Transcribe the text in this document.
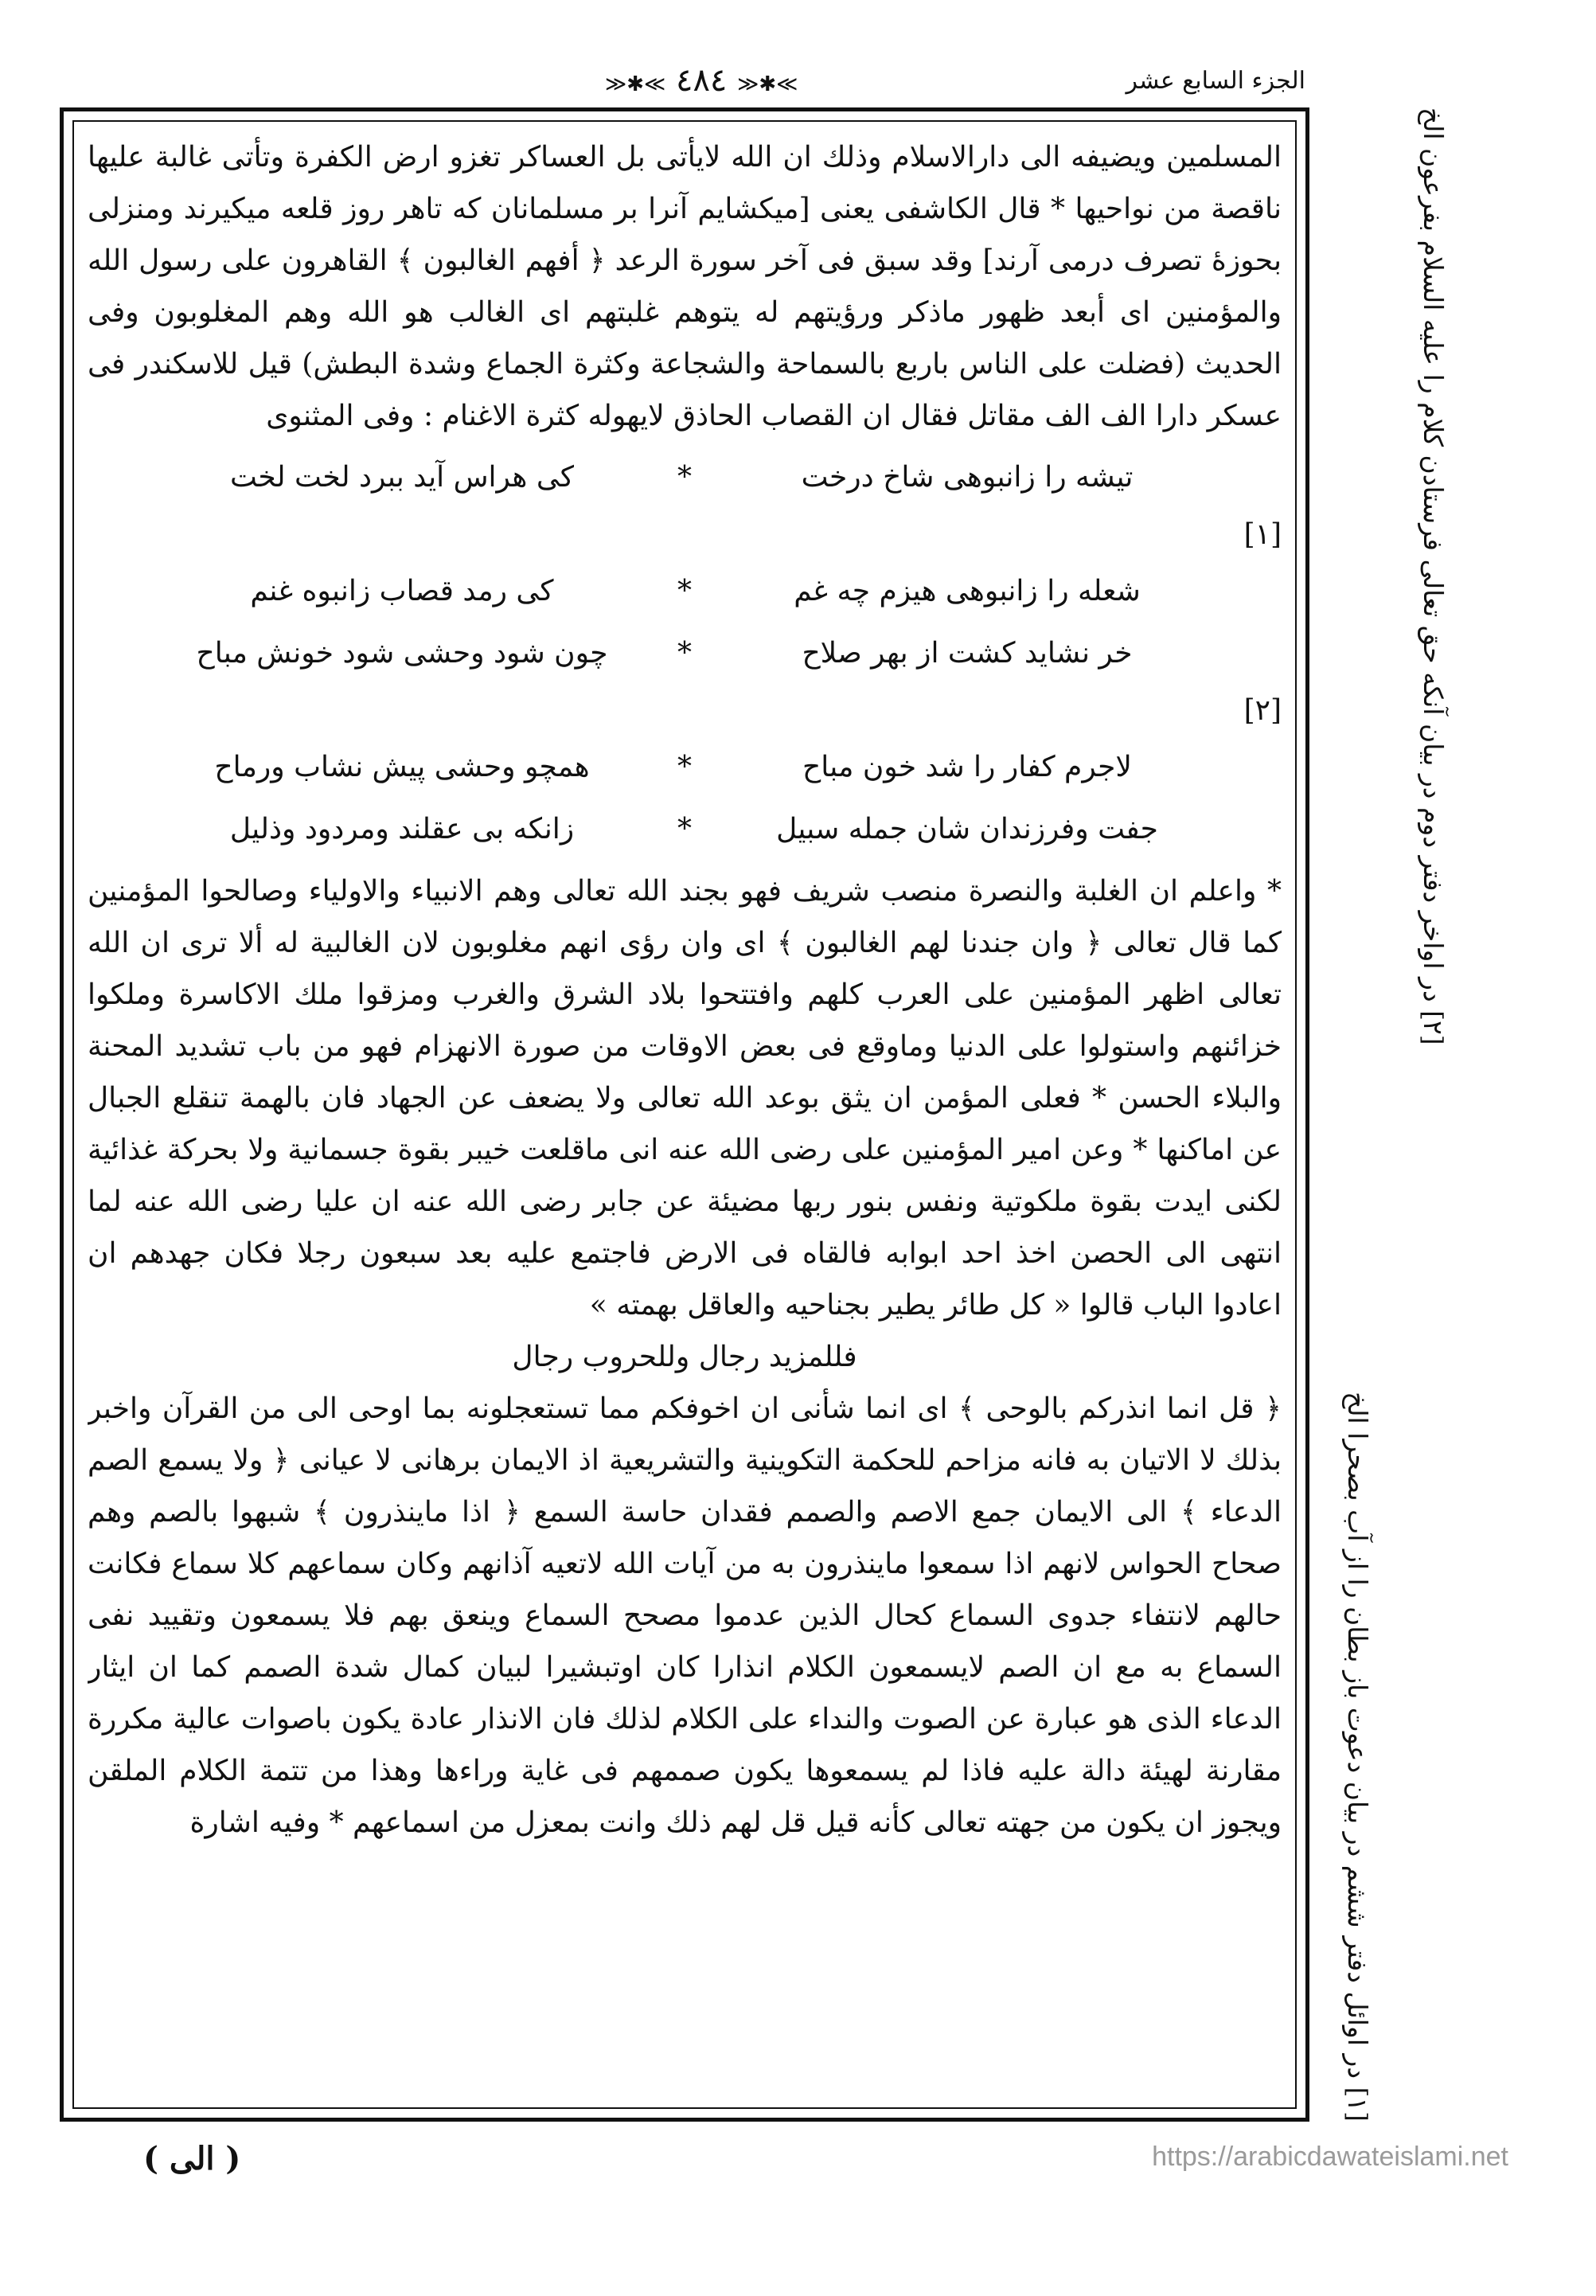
الجزء السابع عشر
≫✱≪ ٤٨٤ ≫✱≪

المسلمين ويضيفه الى دارالاسلام وذلك ان الله لايأتى بل العساكر تغزو ارض الكفرة وتأتى غالبة عليها ناقصة من نواحيها * قال الكاشفى يعنى [ميكشايم آنرا بر مسلمانان كه تاهر روز قلعه ميكيرند ومنزلى بحوزۀ تصرف درمى آرند] وقد سبق فى آخر سورة الرعد ﴿ أفهم الغالبون ﴾ القاهرون على رسول الله والمؤمنين اى أبعد ظهور ماذكر ورؤيتهم له يتوهم غلبتهم اى الغالب هو الله وهم المغلوبون وفى الحديث (فضلت على الناس باربع بالسماحة والشجاعة وكثرة الجماع وشدة البطش) قيل للاسكندر فى عسكر دارا الف الف مقاتل فقال ان القصاب الحاذق لايهوله كثرة الاغنام : وفى المثنوى

تيشه را زانبوهى شاخ درخت
*
كى هراس آيد ببرد لخت لخت
[١]
شعله را زانبوهى هيزم چه غم
*
كى رمد قصاب زانبوه غنم
خر نشايد كشت از بهر صلاح
*
چون شود وحشى شود خونش مباح
[٢]
لاجرم كفار را شد خون مباح
*
همچو وحشى پيش نشاب ورماح
جفت وفرزندان شان جمله سبيل
*
زانكه بى عقلند ومردود وذليل

* واعلم ان الغلبة والنصرة منصب شريف فهو بجند الله تعالى وهم الانبياء والاولياء وصالحوا المؤمنين كما قال تعالى ﴿ وان جندنا لهم الغالبون ﴾ اى وان رؤى انهم مغلوبون لان الغالبية له ألا ترى ان الله تعالى اظهر المؤمنين على العرب كلهم وافتتحوا بلاد الشرق والغرب ومزقوا ملك الاكاسرة وملكوا خزائنهم واستولوا على الدنيا وماوقع فى بعض الاوقات من صورة الانهزام فهو من باب تشديد المحنة والبلاء الحسن * فعلى المؤمن ان يثق بوعد الله تعالى ولا يضعف عن الجهاد فان بالهمة تنقلع الجبال عن اماكنها * وعن امير المؤمنين على رضى الله عنه انى ماقلعت خيبر بقوة جسمانية ولا بحركة غذائية لكنى ايدت بقوة ملكوتية ونفس بنور ربها مضيئة عن جابر رضى الله عنه ان عليا رضى الله عنه لما انتهى الى الحصن اخذ احد ابوابه فالقاه فى الارض فاجتمع عليه بعد سبعون رجلا فكان جهدهم ان اعادوا الباب قالوا « كل طائر يطير بجناحيه والعاقل بهمته »

فللمزيد رجال وللحروب رجال

﴿ قل انما انذركم بالوحى ﴾ اى انما شأنى ان اخوفكم مما تستعجلونه بما اوحى الى من القرآن واخبر بذلك لا الاتيان به فانه مزاحم للحكمة التكوينية والتشريعية اذ الايمان برهانى لا عيانى ﴿ ولا يسمع الصم الدعاء ﴾ الى الايمان جمع الاصم والصمم فقدان حاسة السمع ﴿ اذا ماينذرون ﴾ شبهوا بالصم وهم صحاح الحواس لانهم اذا سمعوا ماينذرون به من آيات الله لاتعيه آذانهم وكان سماعهم كلا سماع فكانت حالهم لانتفاء جدوى السماع كحال الذين عدموا مصحح السماع وينعق بهم فلا يسمعون وتقييد نفى السماع به مع ان الصم لايسمعون الكلام انذارا كان اوتبشيرا لبيان كمال شدة الصمم كما ان ايثار الدعاء الذى هو عبارة عن الصوت والنداء على الكلام لذلك فان الانذار عادة يكون باصوات عالية مكررة مقارنة لهيئة دالة عليه فاذا لم يسمعوها يكون صممهم فى غاية وراءها وهذا من تتمة الكلام الملقن ويجوز ان يكون من جهته تعالى كأنه قيل قل لهم ذلك وانت بمعزل من اسماعهم * وفيه اشارة	[١] در اوائل دفتر ششم در بيان دعوت باز بطان را از آب بصحرا الخ
[٢] در اواخر دفتر دوم در بيان آنكه حق تعالى فرستادن كلام را عليه السلام بفرعون الخ
( الى )	https://arabicdawateislami.net
